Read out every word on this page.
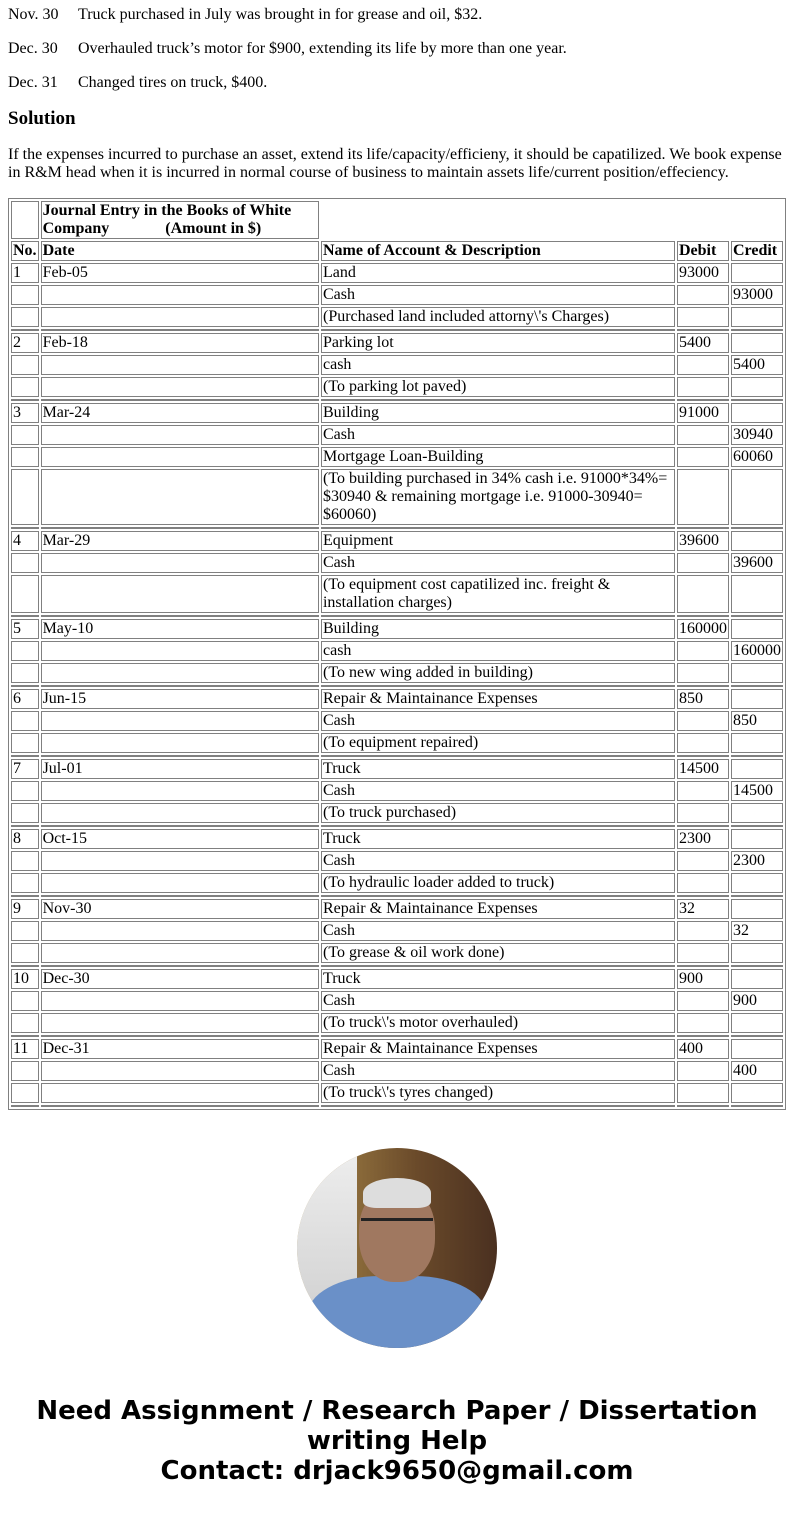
Nov. 30 Truck purchased in July was brought in for grease and oil, $32.

Dec. 30 Overhauled truck’s motor for $900, extending its life by more than one year.

Dec. 31 Changed tires on truck, $400.

Solution

If the expenses incurred to purchase an asset, extend its life/capacity/efficieny, it should be capatilized. We book expense in R&M head when it is incurred in normal course of business to maintain assets life/current position/effeciency.

	Journal Entry in the Books of White Company              (Amount in $)			
No.	Date	Name of Account & Description	Debit	Credit
1	Feb-05	Land	93000	
		Cash		93000
		(Purchased land included attorny\'s Charges)		

2	Feb-18	Parking lot	5400	
		cash		5400
		(To parking lot paved)		

3	Mar-24	Building	91000	
		Cash		30940
		Mortgage Loan-Building		60060
		(To building purchased in 34% cash i.e. 91000*34%= $30940 & remaining mortgage i.e. 91000-30940= $60060)		

4	Mar-29	Equipment	39600	
		Cash		39600
		(To equipment cost capatilized inc. freight & installation charges)		

5	May-10	Building	160000	
		cash		160000
		(To new wing added in building)		

6	Jun-15	Repair & Maintainance Expenses	850	
		Cash		850
		(To equipment repaired)		

7	Jul-01	Truck	14500	
		Cash		14500
		(To truck purchased)		

8	Oct-15	Truck	2300	
		Cash		2300
		(To hydraulic loader added to truck)		

9	Nov-30	Repair & Maintainance Expenses	32	
		Cash		32
		(To grease & oil work done)		

10	Dec-30	Truck	900	
		Cash		900
		(To truck\'s motor overhauled)		

11	Dec-31	Repair & Maintainance Expenses	400	
		Cash		400
		(To truck\'s tyres changed)		

Need Assignment / Research Paper / Dissertation writing Help
Contact: drjack9650@gmail.com
